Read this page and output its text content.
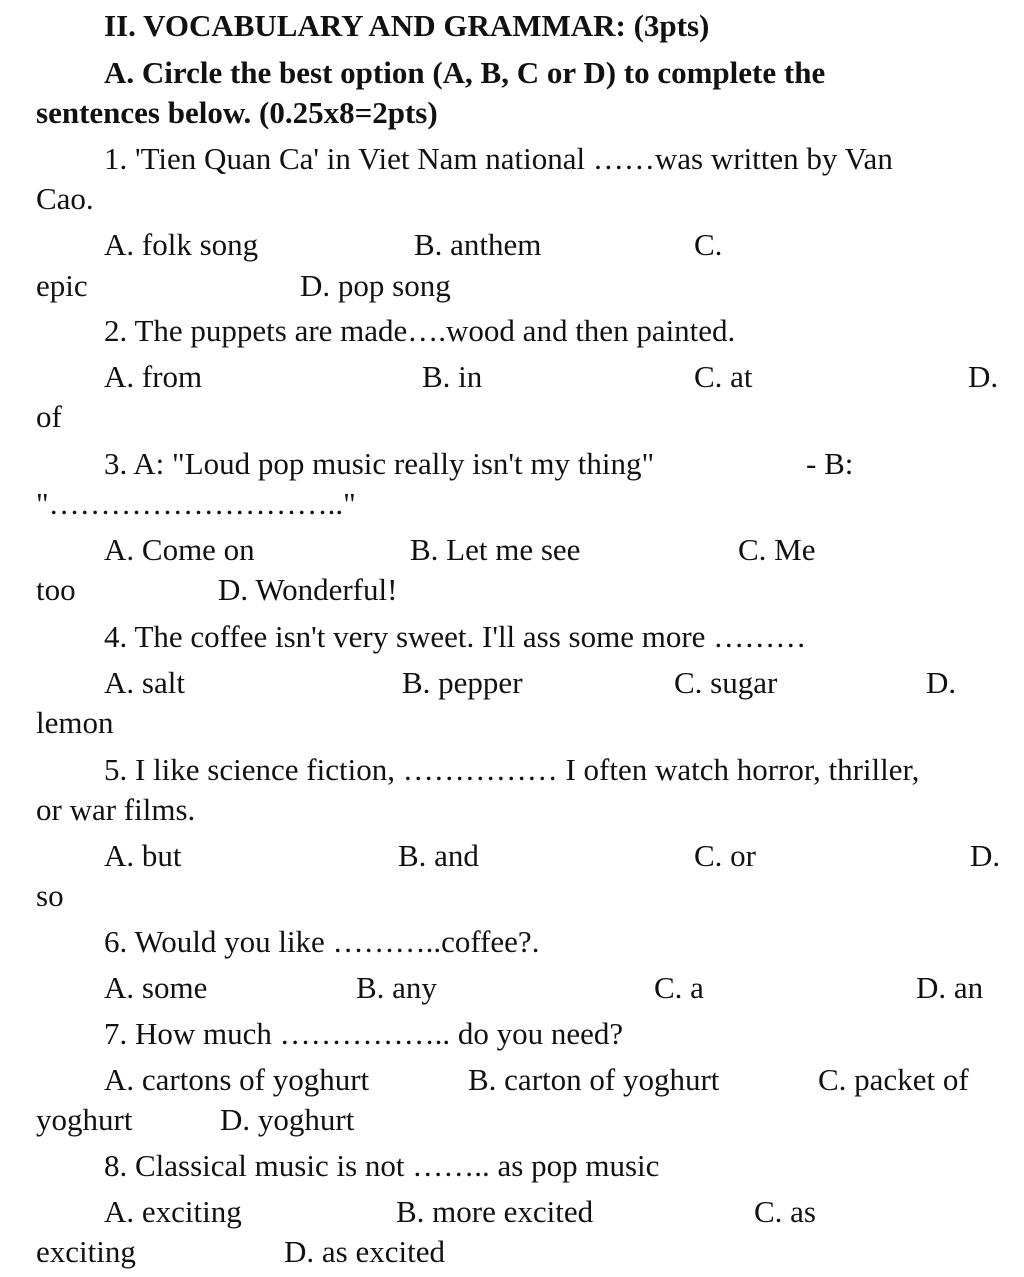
II. VOCABULARY AND GRAMMAR: (3pts)
A. Circle the best option (A, B, C or D) to complete the
sentences below. (0.25x8=2pts)
1. 'Tien Quan Ca' in Viet Nam national ……was written by Van
Cao.
A. folk song	B. anthem	C.
epic	D. pop song
2. The puppets are made….wood and then painted.
A. from	B. in	C. at	D.
of
3. A: "Loud pop music really isn't my thing"	- B:
"……………………….."
A. Come on	B. Let me see	C. Me
too	D. Wonderful!
4. The coffee isn't very sweet. I'll ass some more ………
A. salt	B. pepper	C. sugar	D.
lemon
5. I like science fiction, …………… I often watch horror, thriller,
or war films.
A. but	B. and	C. or	D.
so
6. Would you like ………..coffee?.
A. some	B. any	C. a	D. an
7. How much …………….. do you need?
A. cartons of yoghurt	B. carton of yoghurt	C. packet of
yoghurt	D. yoghurt
8. Classical music is not …….. as pop music
A. exciting	B. more excited	C. as
exciting	D. as excited
